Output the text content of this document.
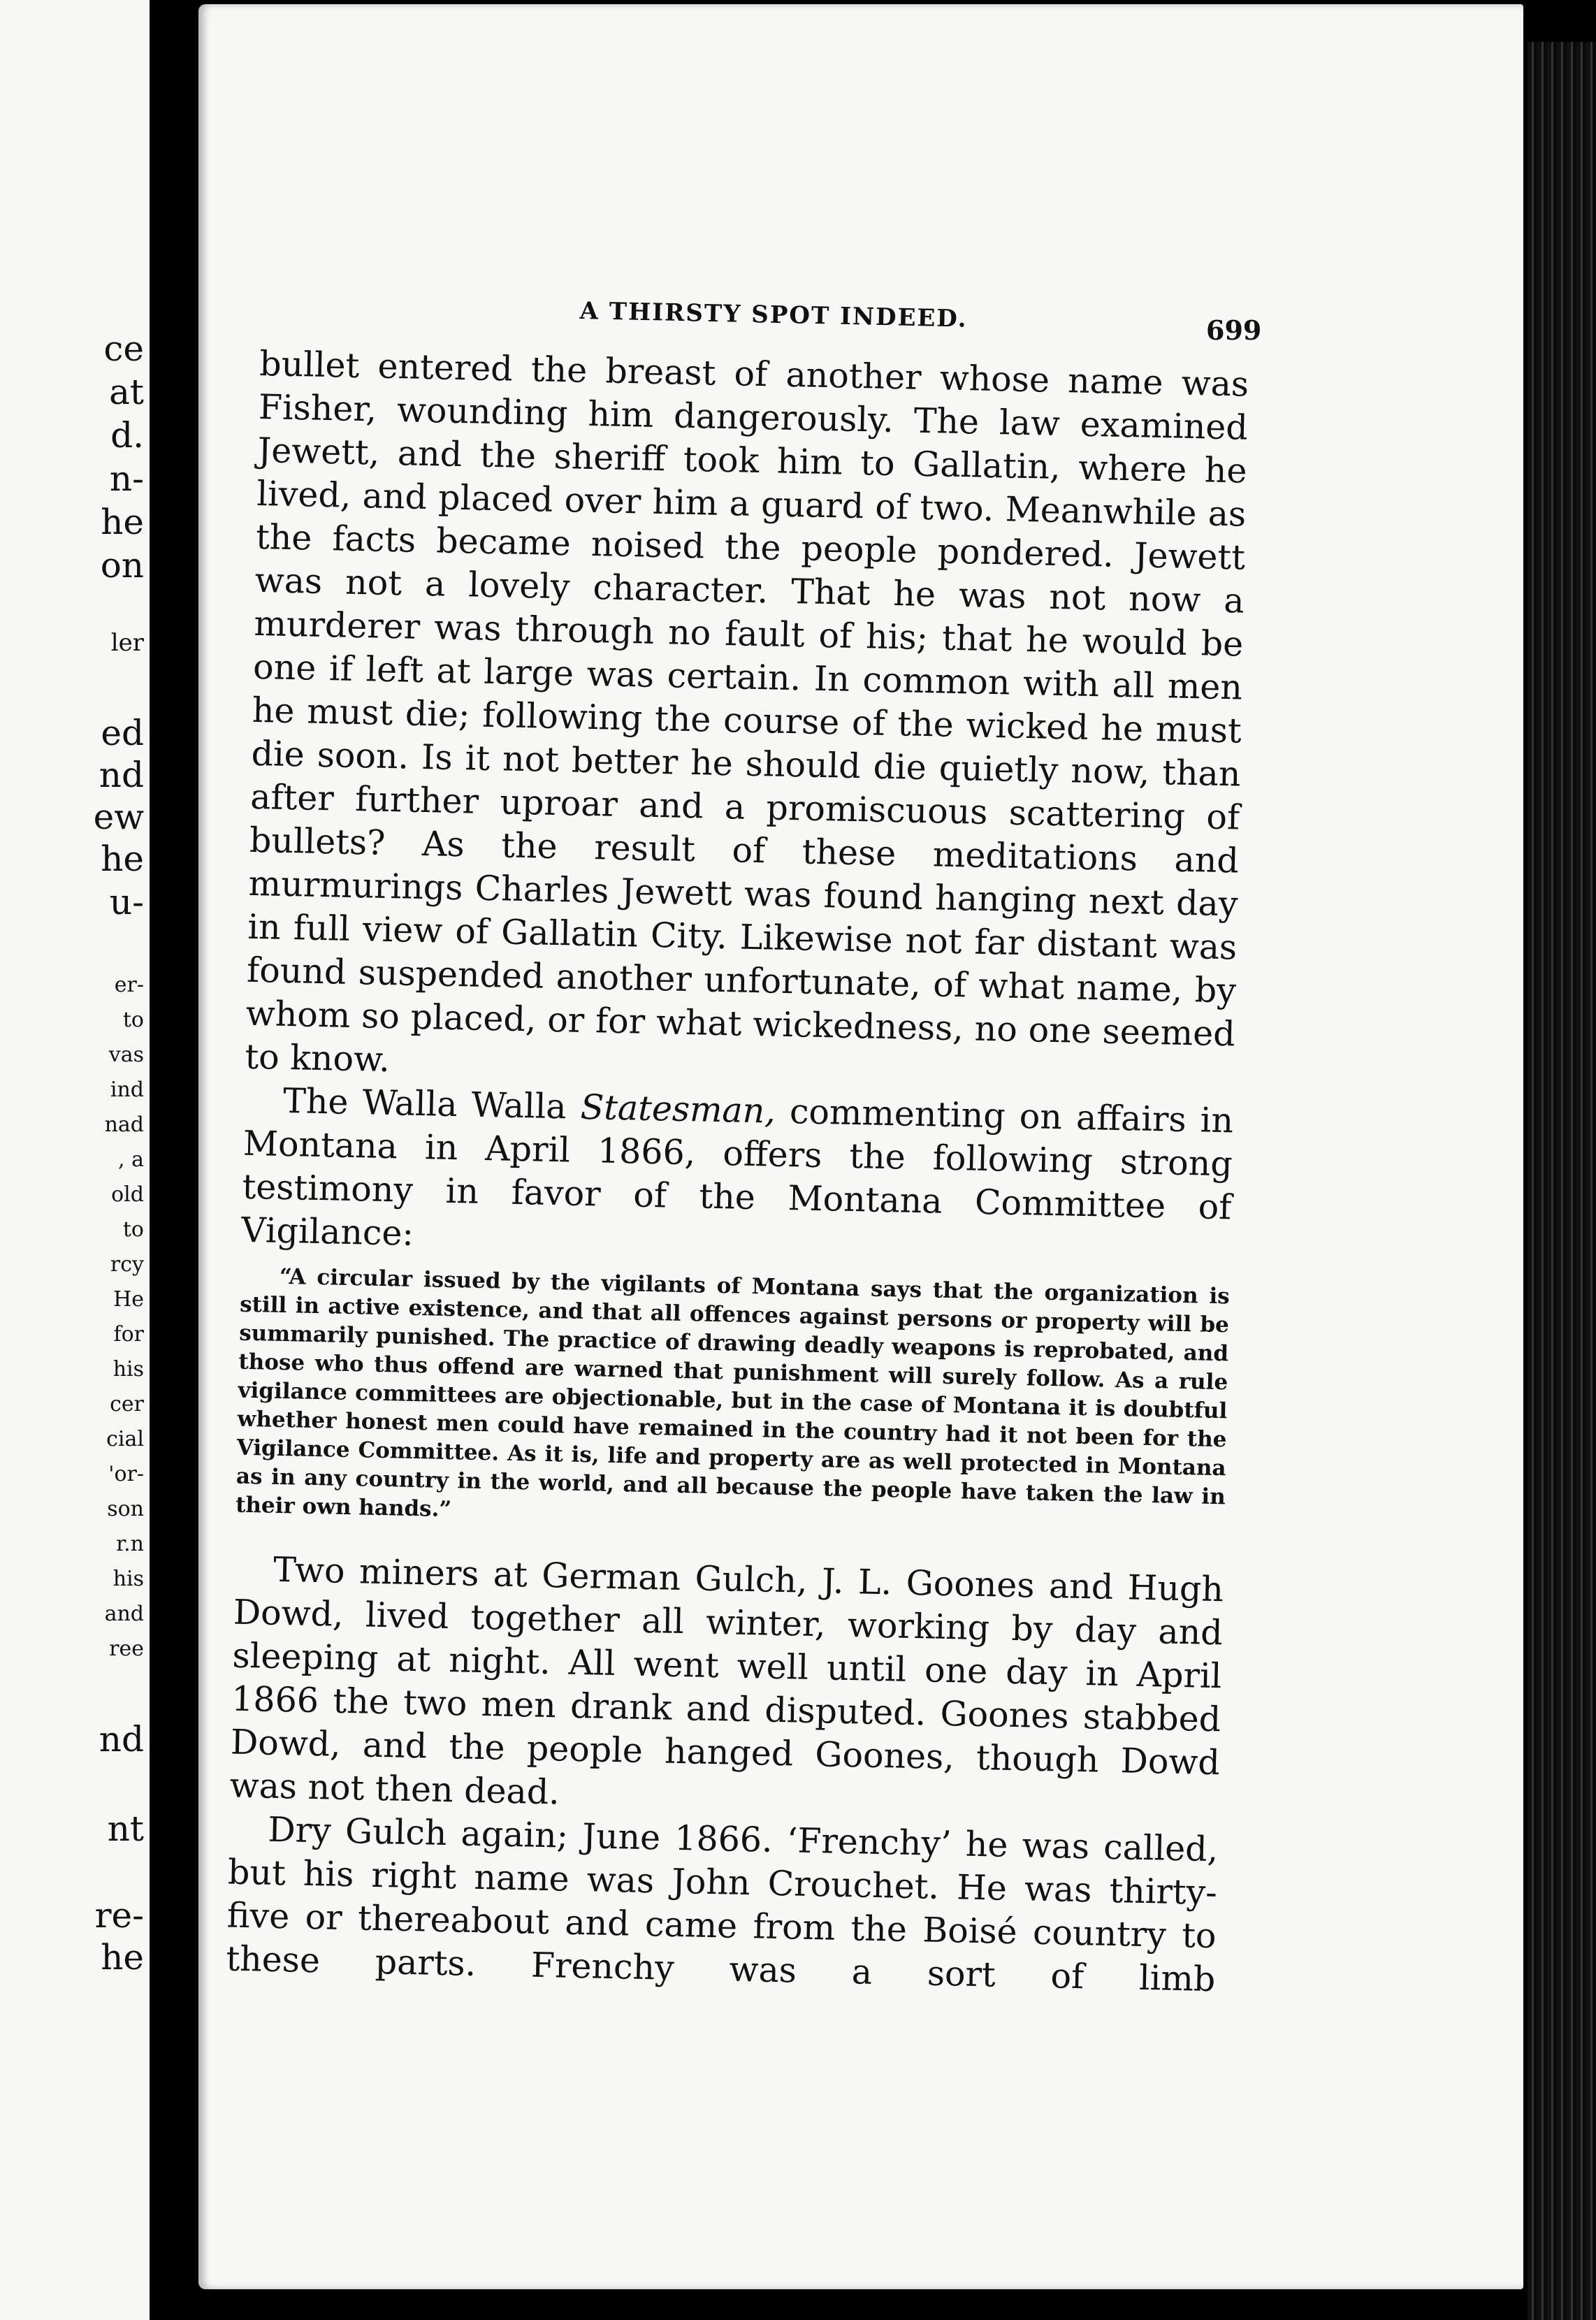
ce
at
d.
n-
he
on
ler
ed
nd
ew
he
u-
er-
to
vas
ind
nad
, a
old
to
rcy
He
for
his
cer
cial
'or-
son
r.n
his
and
ree
nd
nt
re-
he
A THIRSTY SPOT INDEED.	699

bullet entered the breast of another whose name was Fisher, wounding him dangerously. The law examined Jewett, and the sheriff took him to Gallatin, where he lived, and placed over him a guard of two. Meanwhile as the facts became noised the people pondered. Jewett was not a lovely character. That he was not now a murderer was through no fault of his; that he would be one if left at large was certain. In common with all men he must die; following the course of the wicked he must die soon. Is it not better he should die quietly now, than after further uproar and a promiscuous scattering of bullets? As the result of these meditations and murmurings Charles Jewett was found hanging next day in full view of Gallatin City. Likewise not far distant was found suspended another unfortunate, of what name, by whom so placed, or for what wickedness, no one seemed to know.

The Walla Walla Statesman, commenting on affairs in Montana in April 1866, offers the following strong testimony in favor of the Montana Committee of Vigilance:

“A circular issued by the vigilants of Montana says that the organization is still in active existence, and that all offences against persons or property will be summarily punished. The practice of drawing deadly weapons is reprobated, and those who thus offend are warned that punishment will surely follow. As a rule vigilance committees are objectionable, but in the case of Montana it is doubtful whether honest men could have remained in the country had it not been for the Vigilance Committee. As it is, life and property are as well protected in Montana as in any country in the world, and all because the people have taken the law in their own hands.”

Two miners at German Gulch, J. L. Goones and Hugh Dowd, lived together all winter, working by day and sleeping at night. All went well until one day in April 1866 the two men drank and disputed. Goones stabbed Dowd, and the people hanged Goones, though Dowd was not then dead.

Dry Gulch again; June 1866. ‘Frenchy’ he was called, but his right name was John Crouchet. He was thirty-five or thereabout and came from the Boisé country to these parts. Frenchy was a sort of limb
